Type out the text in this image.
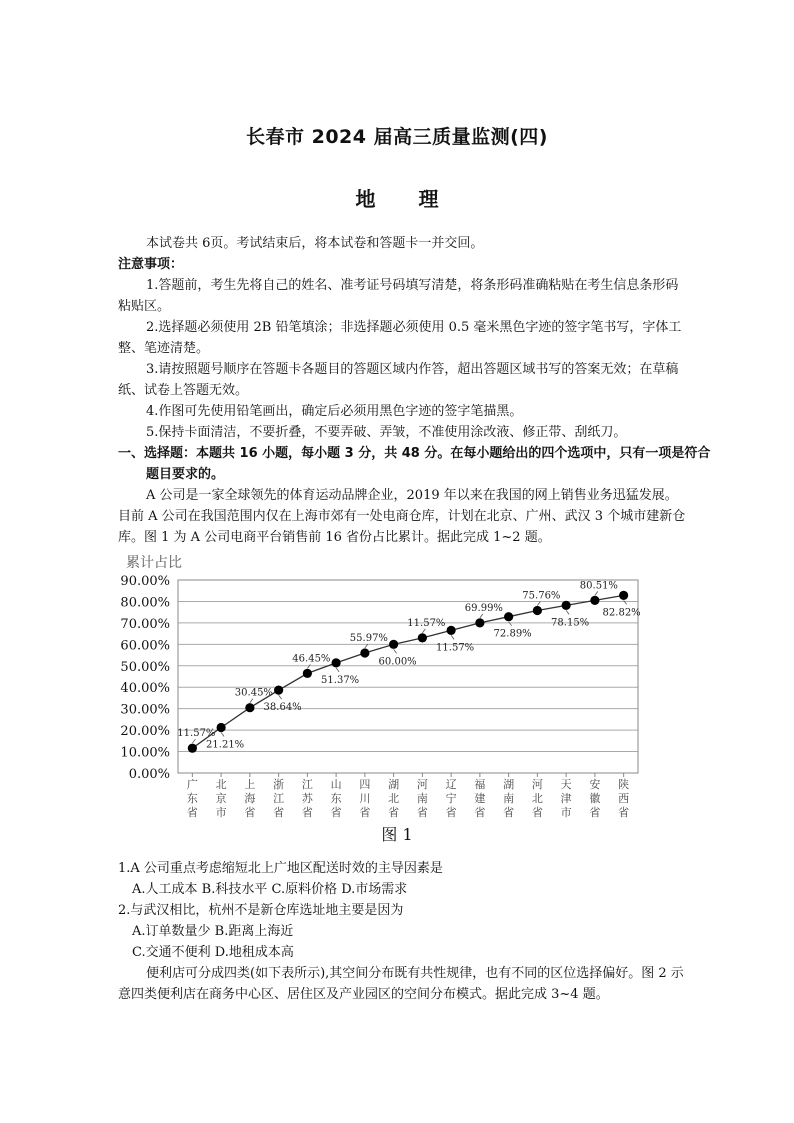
长春市 2024 届高三质量监测(四)
地 理

本试卷共 6页。考试结束后，将本试卷和答题卡一并交回。

注意事项：

1.答题前，考生先将自己的姓名、准考证号码填写清楚，将条形码准确粘贴在考生信息条形码粘贴区。

2.选择题必须使用 2B 铅笔填涂；非选择题必须使用 0.5 毫米黑色字迹的签字笔书写，字体工整、笔迹清楚。

3.请按照题号顺序在答题卡各题目的答题区域内作答，超出答题区域书写的答案无效；在草稿纸、试卷上答题无效。

4.作图可先使用铅笔画出，确定后必须用黑色字迹的签字笔描黑。

5.保持卡面清洁，不要折叠，不要弄破、弄皱，不准使用涂改液、修正带、刮纸刀。

一、选择题：本题共 16 小题，每小题 3 分，共 48 分。在每小题给出的四个选项中，只有一项是符合题目要求的。

A 公司是一家全球领先的体育运动品牌企业，2019 年以来在我国的网上销售业务迅猛发展。目前 A 公司在我国范围内仅在上海市郊有一处电商仓库，计划在北京、广州、武汉 3 个城市建新仓库。图 1 为 A 公司电商平台销售前 16 省份占比累计。据此完成 1~2 题。

累计占比
0.00%
10.00%
20.00%
30.00%
40.00%
50.00%
60.00%
70.00%
80.00%
90.00%
广东省
北京市
上海省
浙江省
江苏省
山东省
四川省
湖北省
河南省
辽宁省
福建省
湖南省
河北省
天津市
安徽省
陕西省
11.57%
21.21%
30.45%
38.64%
46.45%
51.37%
55.97%
60.00%
11.57%
11.57%
69.99%
72.89%
75.76%
78.15%
80.51%
82.82%
图 1

1.A 公司重点考虑缩短北上广地区配送时效的主导因素是

A.人工成本 B.科技水平 C.原料价格 D.市场需求

2.与武汉相比，杭州不是新仓库选址地主要是因为

A.订单数量少 B.距离上海近
C.交通不便利 D.地租成本高

便利店可分成四类(如下表所示),其空间分布既有共性规律，也有不同的区位选择偏好。图 2 示意四类便利店在商务中心区、居住区及产业园区的空间分布模式。据此完成 3~4 题。
